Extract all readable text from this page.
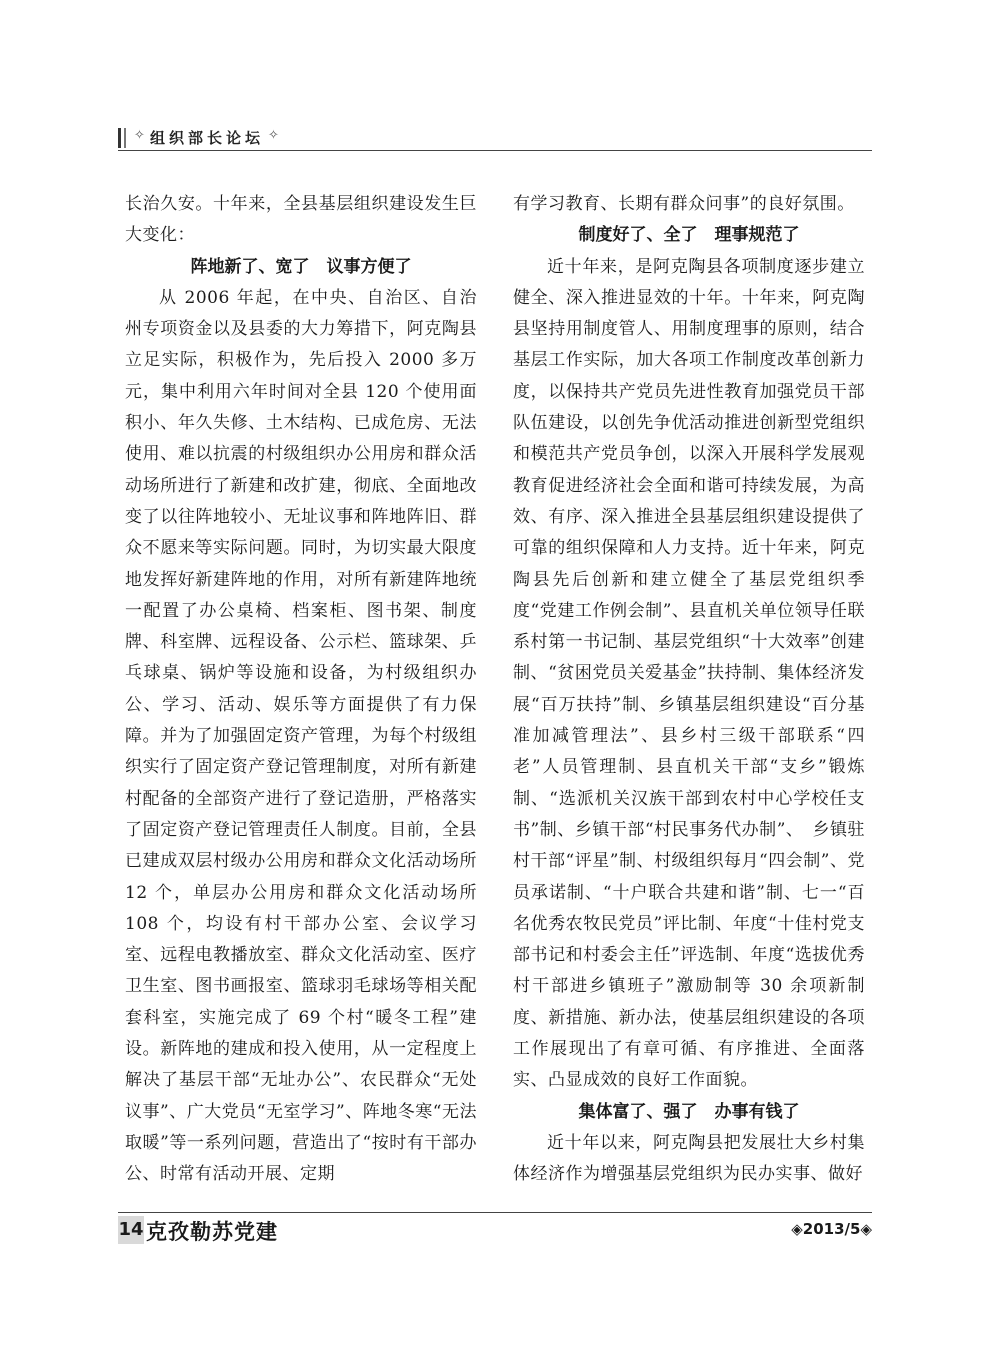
✧ 组织部长论坛 ✧

长治久安。十年来，全县基层组织建设发生巨大变化：

阵地新了、宽了　议事方便了

从 2006 年起，在中央、自治区、自治州专项资金以及县委的大力筹措下，阿克陶县立足实际，积极作为，先后投入 2000 多万元，集中利用六年时间对全县 120 个使用面积小、年久失修、土木结构、已成危房、无法使用、难以抗震的村级组织办公用房和群众活动场所进行了新建和改扩建，彻底、全面地改变了以往阵地较小、无址议事和阵地阵旧、群众不愿来等实际问题。同时，为切实最大限度地发挥好新建阵地的作用，对所有新建阵地统一配置了办公桌椅、档案柜、图书架、制度牌、科室牌、远程设备、公示栏、篮球架、乒乓球桌、锅炉等设施和设备，为村级组织办公、学习、活动、娱乐等方面提供了有力保障。并为了加强固定资产管理，为每个村级组织实行了固定资产登记管理制度，对所有新建村配备的全部资产进行了登记造册，严格落实了固定资产登记管理责任人制度。目前，全县已建成双层村级办公用房和群众文化活动场所 12 个，单层办公用房和群众文化活动场所 108 个，均设有村干部办公室、会议学习室、远程电教播放室、群众文化活动室、医疗卫生室、图书画报室、篮球羽毛球场等相关配套科室，实施完成了 69 个村“暖冬工程”建设。新阵地的建成和投入使用，从一定程度上解决了基层干部“无址办公”、农民群众“无处议事”、广大党员“无室学习”、阵地冬寒“无法取暖”等一系列问题，营造出了“按时有干部办公、时常有活动开展、定期

有学习教育、长期有群众问事”的良好氛围。

制度好了、全了　理事规范了

近十年来，是阿克陶县各项制度逐步建立健全、深入推进显效的十年。十年来，阿克陶县坚持用制度管人、用制度理事的原则，结合基层工作实际，加大各项工作制度改革创新力度，以保持共产党员先进性教育加强党员干部队伍建设，以创先争优活动推进创新型党组织和模范共产党员争创，以深入开展科学发展观教育促进经济社会全面和谐可持续发展，为高效、有序、深入推进全县基层组织建设提供了可靠的组织保障和人力支持。近十年来，阿克陶县先后创新和建立健全了基层党组织季度“党建工作例会制”、县直机关单位领导任联系村第一书记制、基层党组织“十大效率”创建制、“贫困党员关爱基金”扶持制、集体经济发展“百万扶持”制、乡镇基层组织建设“百分基准加减管理法”、县乡村三级干部联系“四老”人员管理制、县直机关干部“支乡”锻炼制、“选派机关汉族干部到农村中心学校任支书”制、乡镇干部“村民事务代办制”、　乡镇驻村干部“评星”制、村级组织每月“四会制”、党员承诺制、“十户联合共建和谐”制、七一“百名优秀农牧民党员”评比制、年度“十佳村党支部书记和村委会主任”评选制、年度“选拔优秀村干部进乡镇班子”激励制等 30 余项新制度、新措施、新办法，使基层组织建设的各项工作展现出了有章可循、有序推进、全面落实、凸显成效的良好工作面貌。

集体富了、强了　办事有钱了

近十年以来，阿克陶县把发展壮大乡村集体经济作为增强基层党组织为民办实事、做好

14 克孜勒苏党建	◈2013/5◈
